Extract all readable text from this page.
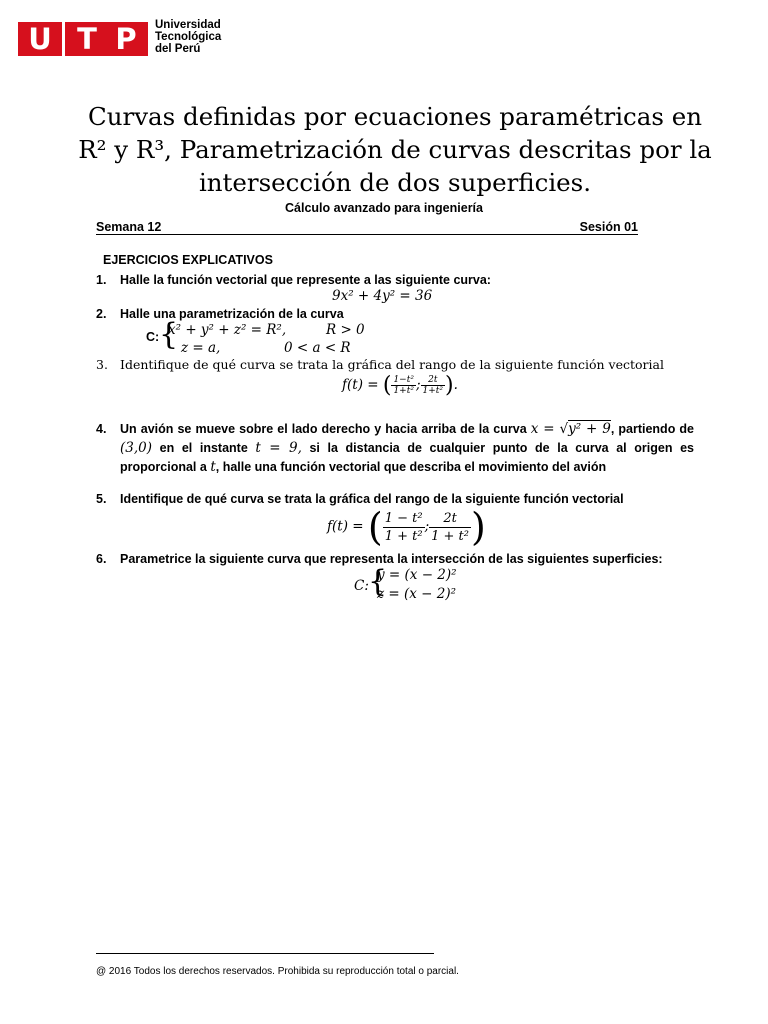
U T P	Universidad
Tecnológica
del Perú
Curvas definidas por ecuaciones paramétricas en R² y R³, Parametrización de curvas descritas por la intersección de dos superficies.
Cálculo avanzado para ingeniería
Semana 12	Sesión 01
EJERCICIOS EXPLICATIVOS
1.	Halle la función vectorial que represente a las siguiente curva:
9x² + 4y² = 36
2.	Halle una parametrización de la curva
C: {
x² + y² + z² = R²,	R > 0
z = a,	0 < a < R
3. Identifique de qué curva se trata la gráfica del rango de la siguiente función vectorial
f(t) = ( $\frac{\text{1−t²}}{\text{1+t²}}$ ; $\frac{2t}{\text{1+t²}}$ ).
4.	Un avión se mueve sobre el lado derecho y hacia arriba de la curva x = √y² + 9, partiendo de (3,0) en el instante t = 9, si la distancia de cualquier punto de la curva al origen es proporcional a t, halle una función vectorial que describa el movimiento del avión
5.	Identifique de qué curva se trata la gráfica del rango de la siguiente función vectorial
f(t) = ( $\frac{\text{1 − t²}}{\text{1 + t²}}$ ; $\frac{2t}{\text{1 + t²}}$ )
6.	Parametrice la siguiente curva que representa la intersección de las siguientes superficies:
C: {
y = (x − 2)²
z = (x − 2)²
@ 2016 Todos los derechos reservados. Prohibida su reproducción total o parcial.
